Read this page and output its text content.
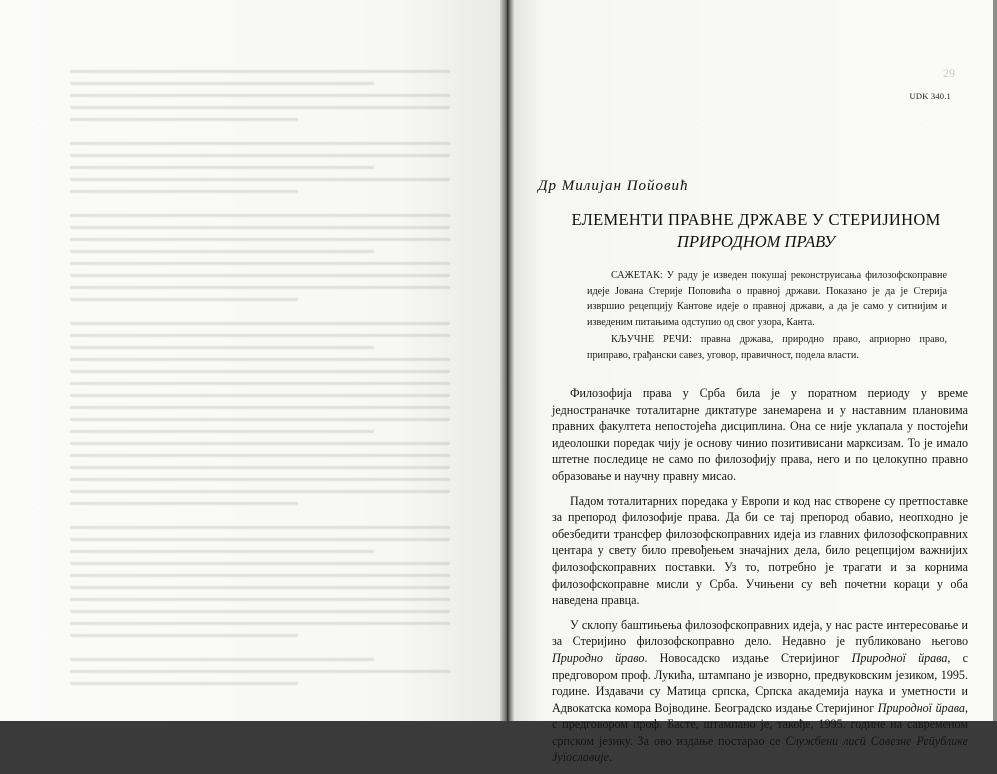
29
UDK 340.1
Др Милијан Пойовић
ЕЛЕМЕНТИ ПРАВНЕ ДРЖАВЕ У СТЕРИЈИНОМ
ПРИРОДНОМ ПРАВУ

САЖЕТАК: У раду је изведен покушај реконструисања филозофскоправне идеје Јована Стерије Поповића о правној држави. Показано је да је Стерија извршио рецепцију Кантове идеје о правној држави, а да је само у ситнијим и изведеним питањима одступио од свог узора, Канта.

КЉУЧНЕ РЕЧИ: правна држава, природно право, априорно право, приправо, грађански савез, уговор, правичност, подела власти.

Филозофија права у Срба била је у поратном периоду у време једностраначке тоталитарне диктатуре занемарена и у наставним плановима правних факултета непостојећа дисциплина. Она се није уклапала у постојећи идеолошки поредак чију је основу чинио позитивисани марксизам. То је имало штетне последице не само по филозофију права, него и по целокупно правно образовање и научну правну мисао.

Падом тоталитарних поредака у Европи и код нас створене су претпоставке за препород филозофије права. Да би се тај препород обавио, неопходно је обезбедити трансфер филозофскоправних идеја из главних филозофскоправних центара у свету било превођењем значајних дела, било рецепцијом важнијих филозофскоправних поставки. Уз то, потребно је трагати и за корнима филозофскоправне мисли у Срба. Учињени су већ почетни кораци у оба наведена правца.

У склопу баштињења филозофскоправних идеја, у нас расте интересовање и за Стеријино филозофскоправно дело. Недавно је публиковано његово Природно йраво. Новосадско издање Стеријиног Природної йрава, с предговором проф. Лукића, штампано је изворно, предвуковским језиком, 1995. године. Издавачи су Матица српска, Српска академија наука и уметности и Адвокатска комора Војводине. Београдско издање Стеријиног Природної йрава, с предговором проф. Басте, штампано је, такође, 1995. године на савременом српском језику. За ово издање постарао се Службени лисӣ Савезне Реӣублике Јуїославије.
